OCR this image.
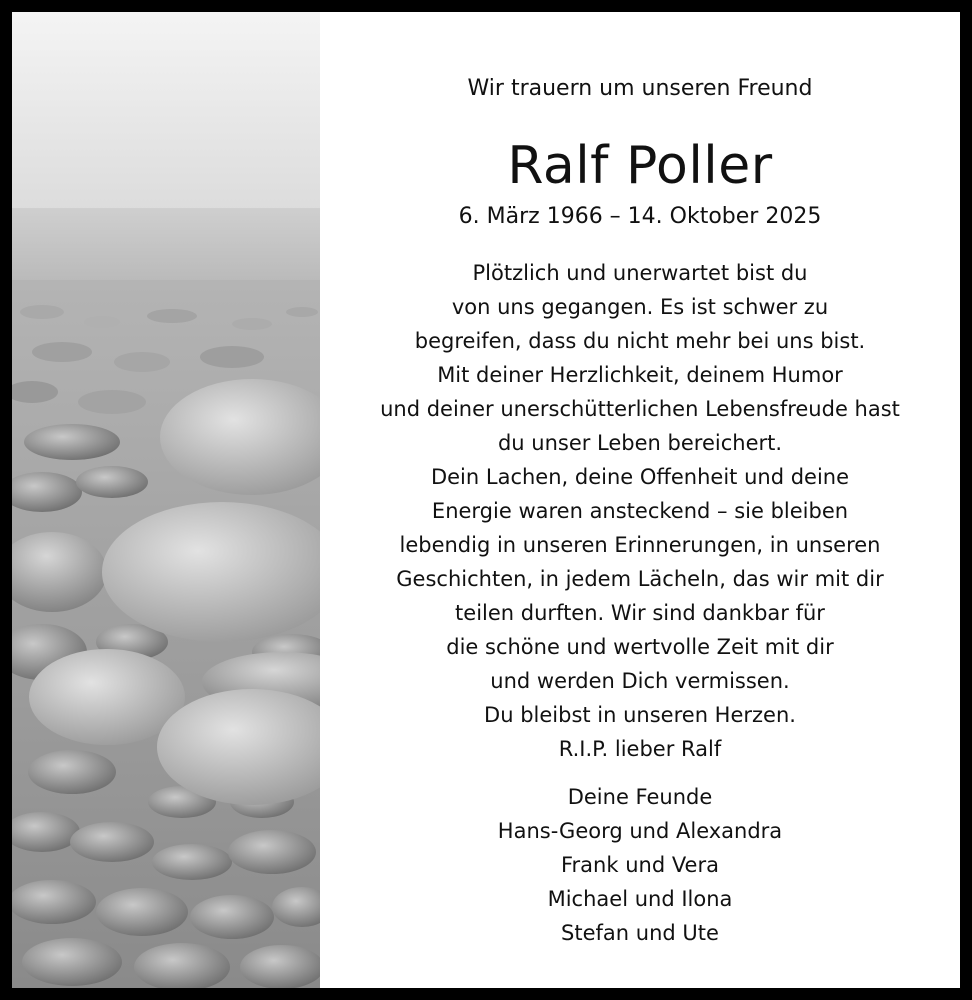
Wir trauern um unseren Freund
Ralf Poller
6. März 1966 – 14. Oktober 2025
Plötzlich und unerwartet bist du
von uns gegangen. Es ist schwer zu
begreifen, dass du nicht mehr bei uns bist.
Mit deiner Herzlichkeit, deinem Humor
und deiner unerschütterlichen Lebensfreude hast
du unser Leben bereichert.
Dein Lachen, deine Offenheit und deine
Energie waren ansteckend – sie bleiben
lebendig in unseren Erinnerungen, in unseren
Geschichten, in jedem Lächeln, das wir mit dir
teilen durften. Wir sind dankbar für
die schöne und wertvolle Zeit mit dir
und werden Dich vermissen.
Du bleibst in unseren Herzen.
R.I.P. lieber Ralf
Deine Feunde
Hans-Georg und Alexandra
Frank und Vera
Michael und Ilona
Stefan und Ute
